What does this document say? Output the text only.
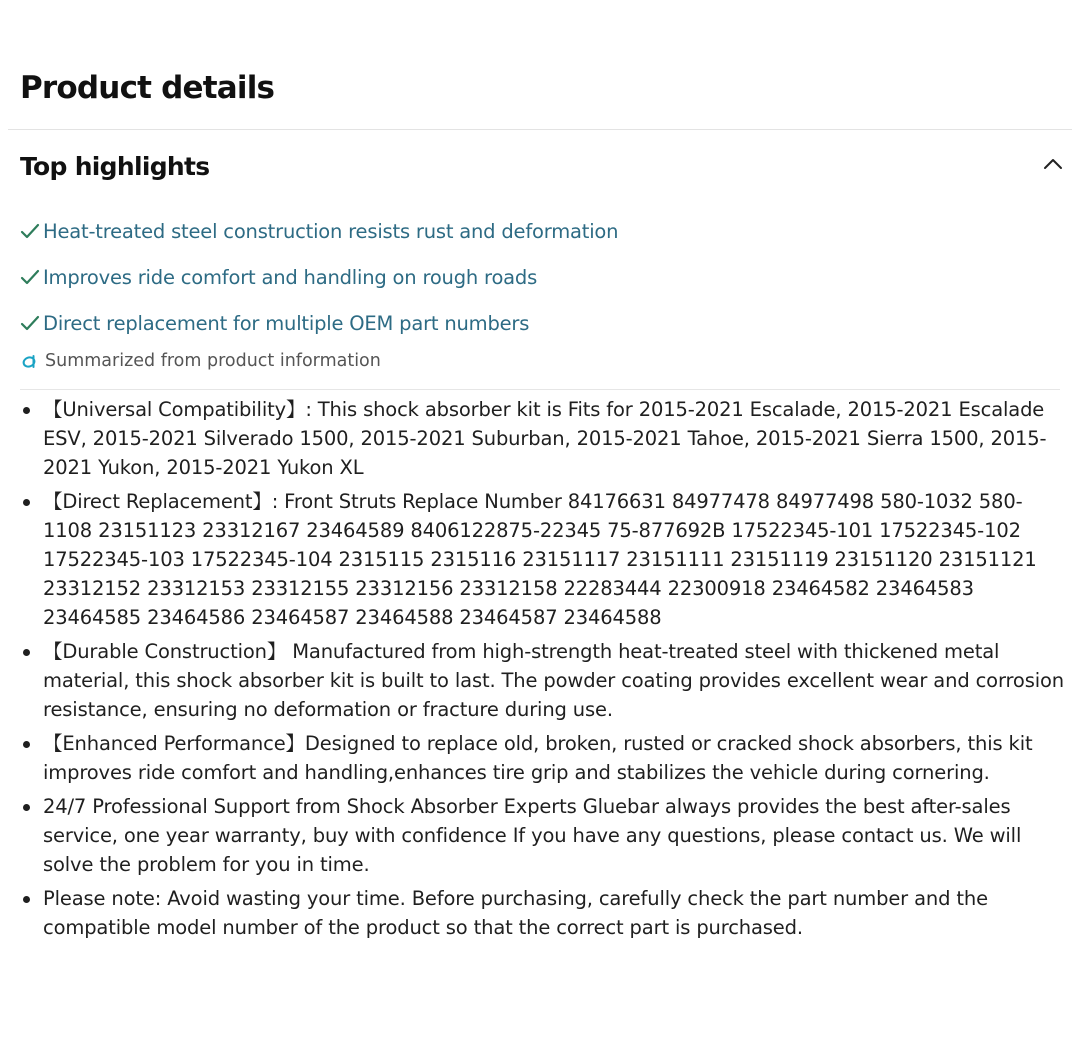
Product details
Top highlights
Heat-treated steel construction resists rust and deformation
Improves ride comfort and handling on rough roads
Direct replacement for multiple OEM part numbers
Summarized from product information
【Universal Compatibility】: This shock absorber kit is Fits for 2015-2021 Escalade, 2015-2021 Escalade ESV, 2015-2021 Silverado 1500, 2015-2021 Suburban, 2015-2021 Tahoe, 2015-2021 Sierra 1500, 2015-2021 Yukon, 2015-2021 Yukon XL
【Direct Replacement】: Front Struts Replace Number 84176631 84977478 84977498 580-1032 580-1108 23151123 23312167 23464589 8406122875-22345 75-877692B 17522345-101 17522345-102 17522345-103 17522345-104 2315115 2315116 23151117 23151111 23151119 23151120 23151121 23312152 23312153 23312155 23312156 23312158 22283444 22300918 23464582 23464583 23464585 23464586 23464587 23464588 23464587 23464588
【Durable Construction】 Manufactured from high-strength heat-treated steel with thickened metal material, this shock absorber kit is built to last. The powder coating provides excellent wear and corrosion resistance, ensuring no deformation or fracture during use.
【Enhanced Performance】Designed to replace old, broken, rusted or cracked shock absorbers, this kit improves ride comfort and handling,enhances tire grip and stabilizes the vehicle during cornering.
24/7 Professional Support from Shock Absorber Experts Gluebar always provides the best after-sales service, one year warranty, buy with confidence If you have any questions, please contact us. We will solve the problem for you in time.
Please note: Avoid wasting your time. Before purchasing, carefully check the part number and the compatible model number of the product so that the correct part is purchased.
